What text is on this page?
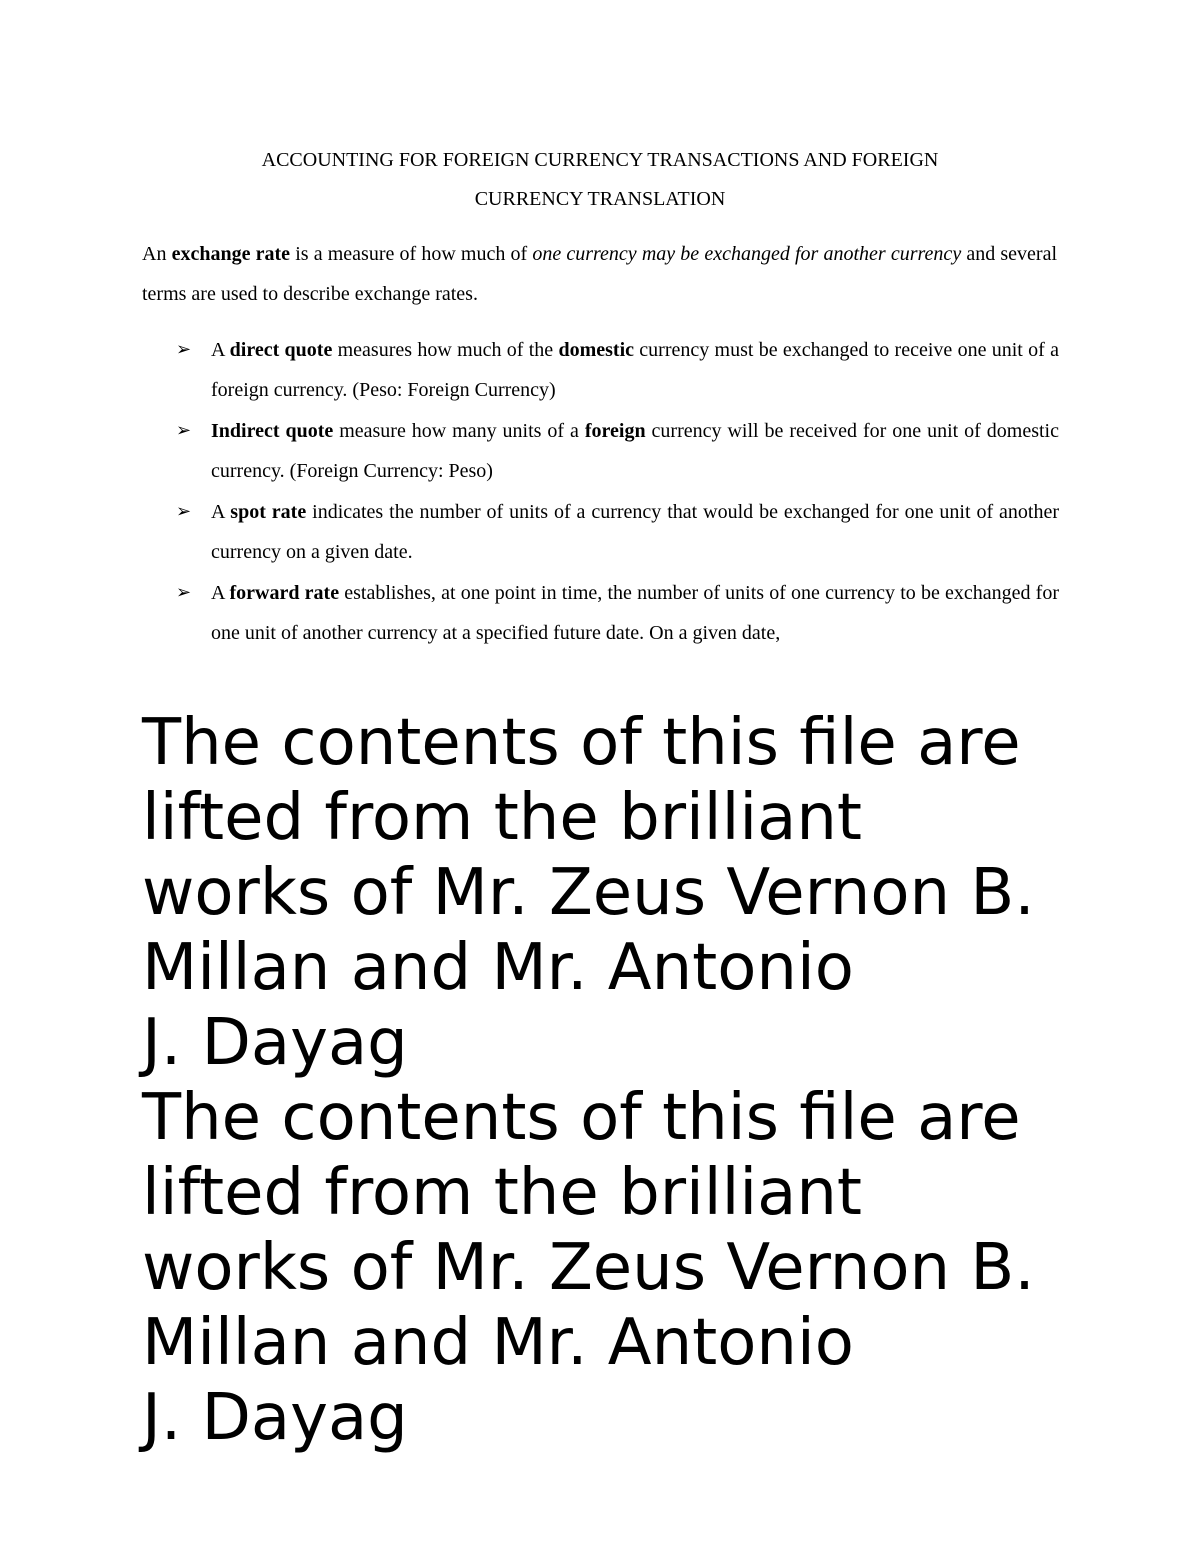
ACCOUNTING FOR FOREIGN CURRENCY TRANSACTIONS AND FOREIGN
CURRENCY TRANSLATION

An exchange rate is a measure of how much of one currency may be exchanged for another currency and several terms are used to describe exchange rates.

➢ A direct quote measures how much of the domestic currency must be exchanged to receive one unit of a foreign currency. (Peso: Foreign Currency)
➢ Indirect quote measure how many units of a foreign currency will be received for one unit of domestic currency. (Foreign Currency: Peso)
➢ A spot rate indicates the number of units of a currency that would be exchanged for one unit of another currency on a given date.
➢ A forward rate establishes, at one point in time, the number of units of one currency to be exchanged for one unit of another currency at a specified future date. On a given date,
The contents of this file are
lifted from the brilliant
works of Mr. Zeus Vernon B.
Millan and Mr. Antonio
J. Dayag
The contents of this file are
lifted from the brilliant
works of Mr. Zeus Vernon B.
Millan and Mr. Antonio
J. Dayag
